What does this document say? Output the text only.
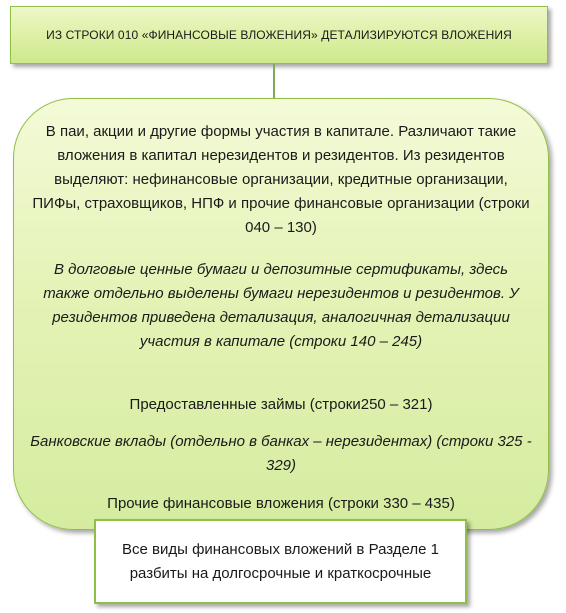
ИЗ СТРОКИ 010 «ФИНАНСОВЫЕ ВЛОЖЕНИЯ» ДЕТАЛИЗИРУЮТСЯ ВЛОЖЕНИЯ
В паи, акции и другие формы участия в капитале. Различают такие вложения в капитал нерезидентов и резидентов. Из резидентов выделяют: нефинансовые организации, кредитные организации, ПИФы, страховщиков, НПФ и прочие финансовые организации (строки 040 – 130)
В долговые ценные бумаги и депозитные сертификаты, здесь также отдельно выделены бумаги нерезидентов и резидентов. У резидентов приведена детализация, аналогичная детализации участия в капитале (строки 140 – 245)
Предоставленные займы (строки250 – 321)
Банковские вклады (отдельно в банках – нерезидентах) (строки 325 - 329)
Прочие финансовые вложения (строки 330 – 435)
Все виды финансовых вложений в Разделе 1 разбиты на долгосрочные и краткосрочные
